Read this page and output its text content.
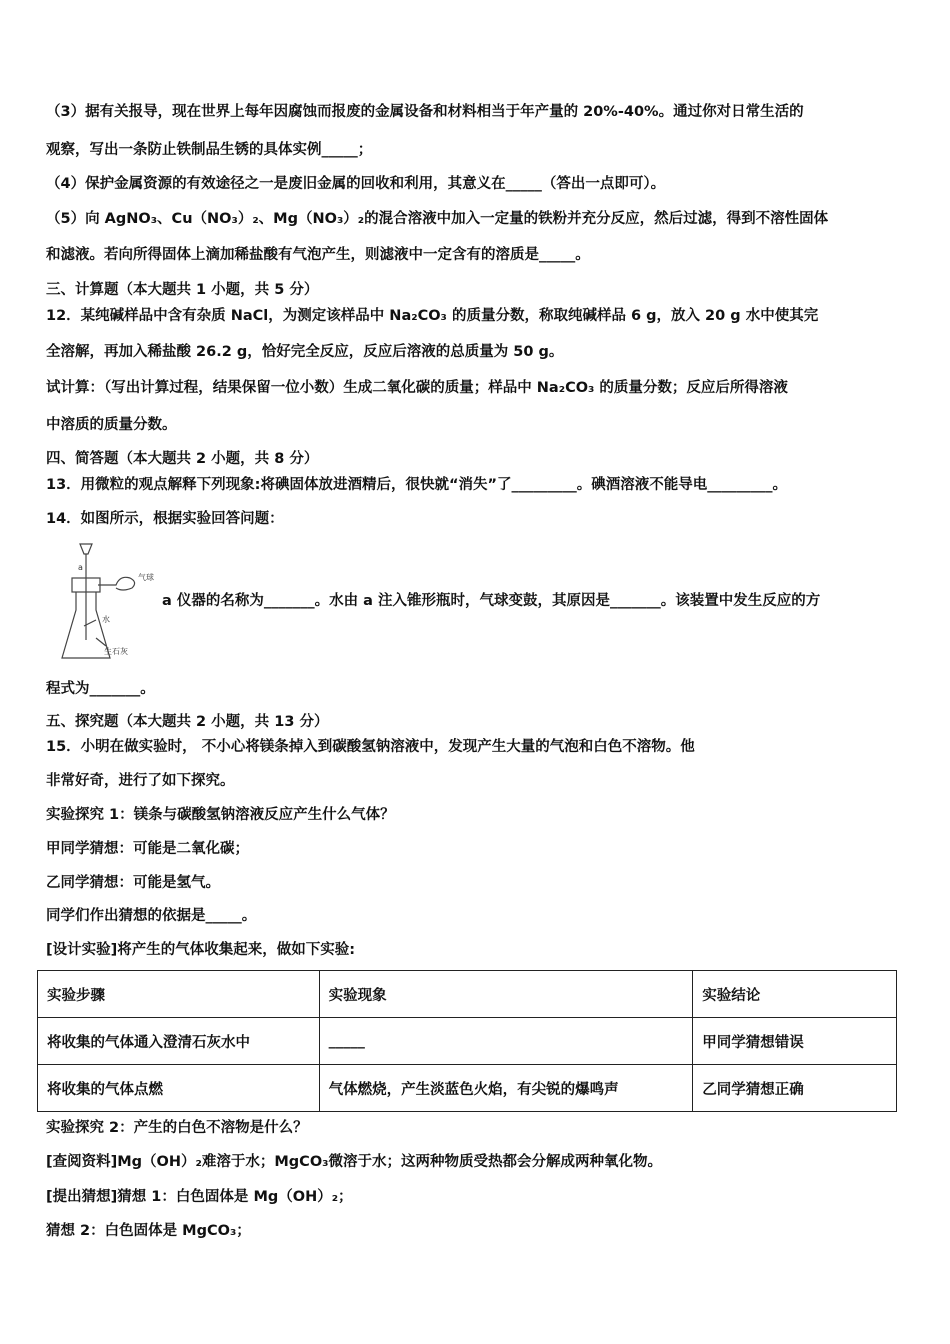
（3）据有关报导，现在世界上每年因腐蚀而报废的金属设备和材料相当于年产量的 20%-40%。通过你对日常生活的
观察，写出一条防止铁制品生锈的具体实例_____；
（4）保护金属资源的有效途径之一是废旧金属的回收和利用，其意义在_____（答出一点即可）。
（5）向 AgNO₃、Cu（NO₃）₂、Mg（NO₃）₂的混合溶液中加入一定量的铁粉并充分反应，然后过滤，得到不溶性固体
和滤液。若向所得固体上滴加稀盐酸有气泡产生，则滤液中一定含有的溶质是_____。
三、计算题（本大题共 1 小题，共 5 分）
12．某纯碱样品中含有杂质 NaCl，为测定该样品中 Na₂CO₃ 的质量分数，称取纯碱样品 6 g，放入 20 g 水中使其完
全溶解，再加入稀盐酸 26.2 g，恰好完全反应，反应后溶液的总质量为 50 g。
试计算：（写出计算过程，结果保留一位小数）生成二氧化碳的质量；样品中 Na₂CO₃ 的质量分数；反应后所得溶液
中溶质的质量分数。
四、简答题（本大题共 2 小题，共 8 分）
13．用微粒的观点解释下列现象:将碘固体放进酒精后，很快就“消失”了_________。碘酒溶液不能导电_________。
14．如图所示，根据实验回答问题：
气球
水
生石灰
a
a 仪器的名称为_______。水由 a 注入锥形瓶时，气球变鼓，其原因是_______。该装置中发生反应的方
程式为_______。
五、探究题（本大题共 2 小题，共 13 分）
15．小明在做实验时， 不小心将镁条掉入到碳酸氢钠溶液中，发现产生大量的气泡和白色不溶物。他
非常好奇，进行了如下探究。
实验探究 1：镁条与碳酸氢钠溶液反应产生什么气体？
甲同学猜想：可能是二氧化碳；
乙同学猜想：可能是氢气。
同学们作出猜想的依据是_____。
[设计实验]将产生的气体收集起来，做如下实验:
实验步骤	实验现象	实验结论
将收集的气体通入澄清石灰水中	_____	甲同学猜想错误
将收集的气体点燃	气体燃烧，产生淡蓝色火焰，有尖锐的爆鸣声	乙同学猜想正确
实验探究 2：产生的白色不溶物是什么？
[查阅资料]Mg（OH）₂难溶于水；MgCO₃微溶于水；这两种物质受热都会分解成两种氧化物。
[提出猜想]猜想 1：白色固体是 Mg（OH）₂；
猜想 2：白色固体是 MgCO₃；
